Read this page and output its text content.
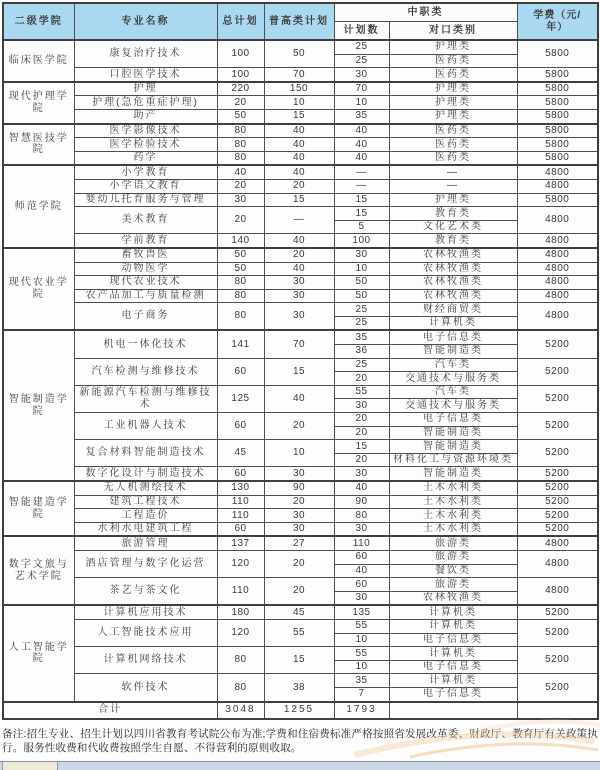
二级学院	专业名称	总计划	普高类计划	中职类		学费（元/年）
				计划数	对口类别	
临床医学院	康复治疗技术	100	50	25	护理类	5800
				25	医药类	
	口腔医学技术	100	70	30	医药类	5800
现代护理学院	护理	220	150	70	护理类	5800
	护理(急危重症护理)	20	10	10	护理类	5800
	助产	50	15	35	护理类	5800
智慧医技学院	医学影像技术	80	40	40	医药类	5800
	医学检验技术	80	40	40	医药类	5800
	药学	80	40	40	医药类	5800
师范学院	小学教育	40	40	—	—	4800
	小学语文教育	20	20	—	—	4800
	婴幼儿托育服务与管理	30	15	15	护理类	5800
	美术教育	20	—	15	教育类	4800
				5	文化艺术类	
	学前教育	140	40	100	教育类	4800
现代农业学院	畜牧兽医	50	20	30	农林牧渔类	4800
	动物医学	50	40	10	农林牧渔类	4800
	现代农业技术	80	30	50	农林牧渔类	4800
	农产品加工与质量检测	80	30	50	农林牧渔类	4800
	电子商务	80	30	25	财经商贸类	4800
				25	计算机类	
智能制造学院	机电一体化技术	141	70	35	电子信息类	5200
				36	智能制造类	
	汽车检测与维修技术	60	15	25	汽车类	5200
				20	交通技术与服务类	
	新能源汽车检测与维修技术	125	40	55	汽车类	5200
				30	交通技术与服务类	
	工业机器人技术	60	20	20	电子信息类	5200
				20	智能制造类	
	复合材料智能制造技术	45	10	15	智能制造类	5200
				20	材料化工与资源环境类	
	数字化设计与制造技术	60	30	30	智能制造类	5200
智能建造学院	无人机测绘技术	130	90	40	土木水利类	5200
	建筑工程技术	110	20	90	土木水利类	5200
	工程造价	110	30	80	土木水利类	5200
	水利水电建筑工程	60	30	30	土木水利类	5200
数字文旅与艺术学院	旅游管理	137	27	110	旅游类	4800
	酒店管理与数字化运营	120	20	60	旅游类	4800
				40	餐饮类	
	茶艺与茶文化	110	20	60	旅游类	4800
				30	农林牧渔类	
人工智能学院	计算机应用技术	180	45	135	计算机类	5200
	人工智能技术应用	120	55	55	计算机类	5200
				10	电子信息类	
	计算机网络技术	80	15	55	计算机类	5200
				10	电子信息类	
	软件技术	80	38	35	计算机类	5200
				7	电子信息类	
合计		3048	1255	1793		
备注:招生专业、招生计划以四川省教育考试院公布为准;学费和住宿费标准严格按照省发展改革委、财政厅、教育厅有关政策执行。服务性收费和代收费按照学生自愿、不得营利的原则收取。
